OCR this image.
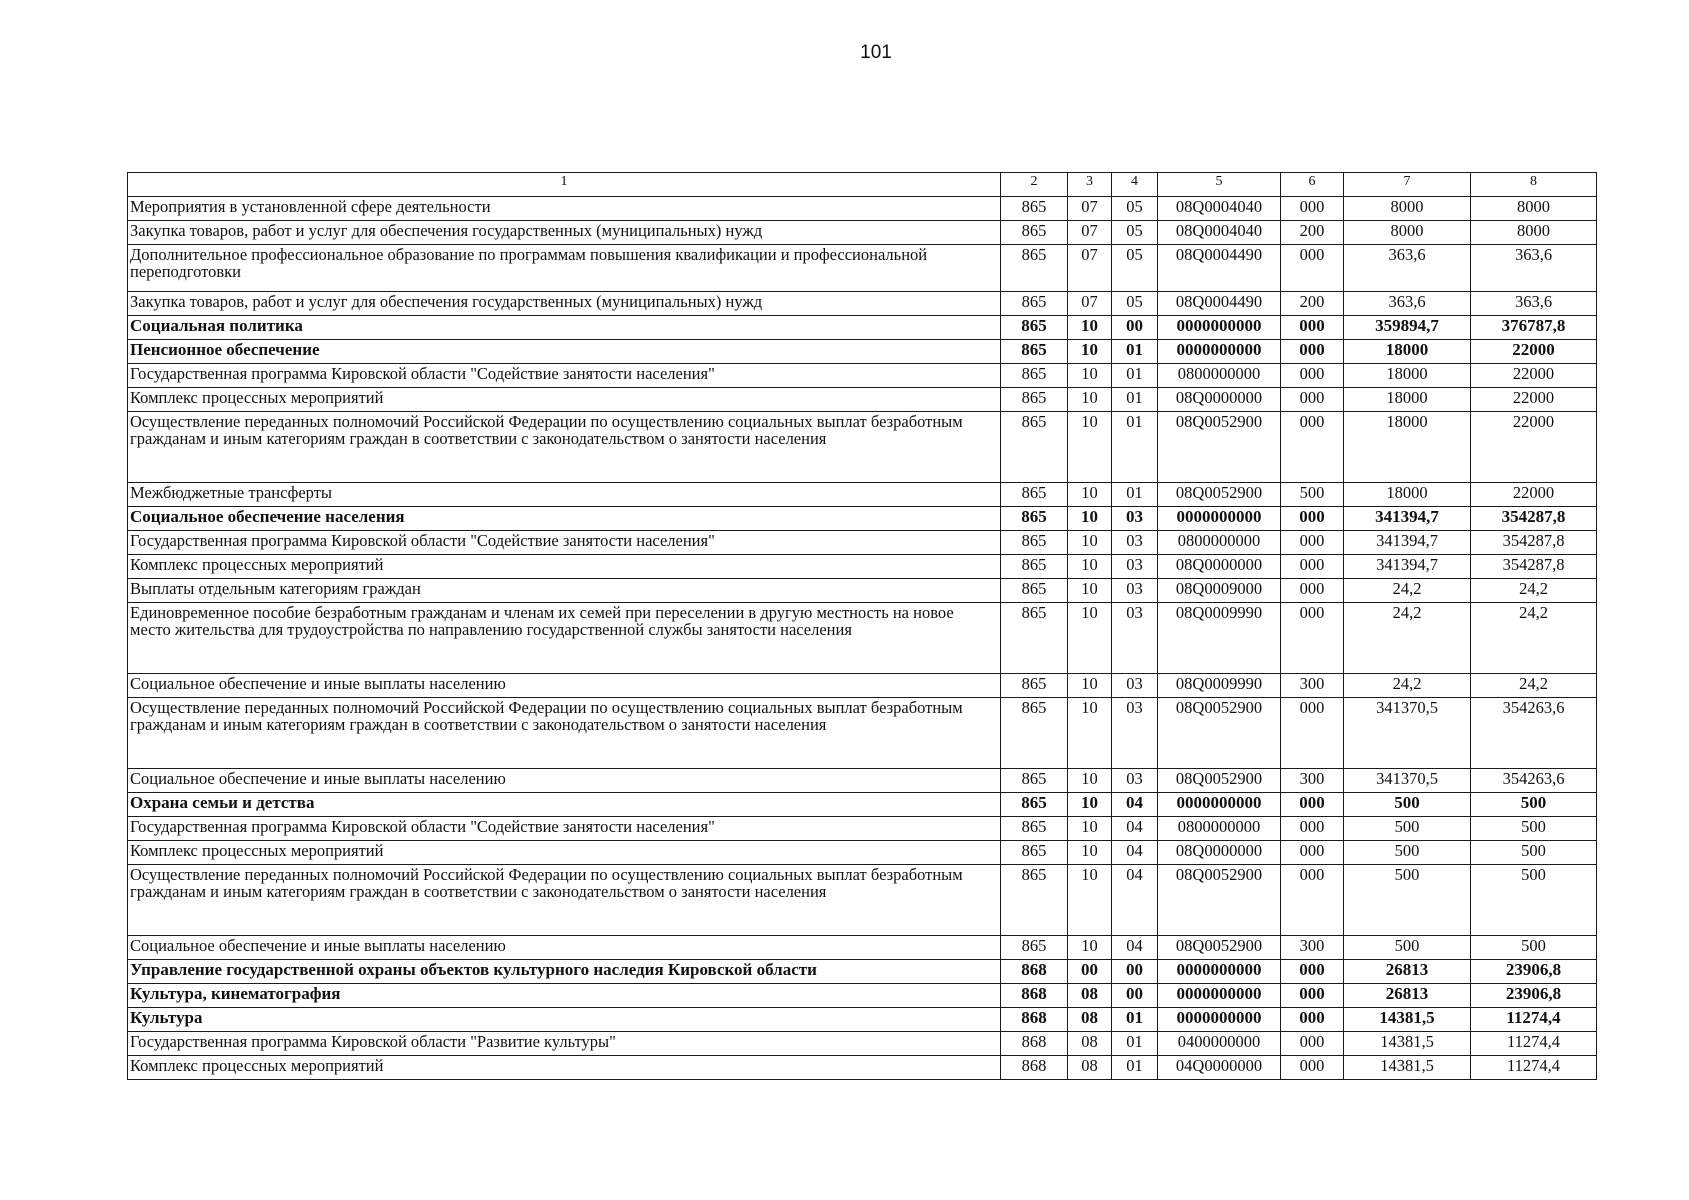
101
1	2	3	4	5	6	7	8
Мероприятия в установленной сфере деятельности	865	07	05	08Q0004040	000	8000	8000
Закупка товаров, работ и услуг для обеспечения государственных (муниципальных) нужд	865	07	05	08Q0004040	200	8000	8000
Дополнительное профессиональное образование по программам повышения квалификации и профессиональной переподготовки	865	07	05	08Q0004490	000	363,6	363,6
Закупка товаров, работ и услуг для обеспечения государственных (муниципальных) нужд	865	07	05	08Q0004490	200	363,6	363,6
Социальная политика	865	10	00	0000000000	000	359894,7	376787,8
Пенсионное обеспечение	865	10	01	0000000000	000	18000	22000
Государственная программа Кировской области "Содействие занятости населения"	865	10	01	0800000000	000	18000	22000
Комплекс процессных мероприятий	865	10	01	08Q0000000	000	18000	22000
Осуществление переданных полномочий Российской Федерации по осуществлению социальных выплат безработным гражданам и иным категориям граждан в соответствии с законодательством о занятости населения	865	10	01	08Q0052900	000	18000	22000
Межбюджетные трансферты	865	10	01	08Q0052900	500	18000	22000
Социальное обеспечение населения	865	10	03	0000000000	000	341394,7	354287,8
Государственная программа Кировской области "Содействие занятости населения"	865	10	03	0800000000	000	341394,7	354287,8
Комплекс процессных мероприятий	865	10	03	08Q0000000	000	341394,7	354287,8
Выплаты отдельным категориям граждан	865	10	03	08Q0009000	000	24,2	24,2
Единовременное пособие безработным гражданам и членам их семей при переселении в другую местность на новое место жительства для трудоустройства по направлению государственной службы занятости населения	865	10	03	08Q0009990	000	24,2	24,2
Социальное обеспечение и иные выплаты населению	865	10	03	08Q0009990	300	24,2	24,2
Осуществление переданных полномочий Российской Федерации по осуществлению социальных выплат безработным гражданам и иным категориям граждан в соответствии с законодательством о занятости населения	865	10	03	08Q0052900	000	341370,5	354263,6
Социальное обеспечение и иные выплаты населению	865	10	03	08Q0052900	300	341370,5	354263,6
Охрана семьи и детства	865	10	04	0000000000	000	500	500
Государственная программа Кировской области "Содействие занятости населения"	865	10	04	0800000000	000	500	500
Комплекс процессных мероприятий	865	10	04	08Q0000000	000	500	500
Осуществление переданных полномочий Российской Федерации по осуществлению социальных выплат безработным гражданам и иным категориям граждан в соответствии с законодательством о занятости населения	865	10	04	08Q0052900	000	500	500
Социальное обеспечение и иные выплаты населению	865	10	04	08Q0052900	300	500	500
Управление государственной охраны объектов культурного наследия Кировской области	868	00	00	0000000000	000	26813	23906,8
Культура, кинематография	868	08	00	0000000000	000	26813	23906,8
Культура	868	08	01	0000000000	000	14381,5	11274,4
Государственная программа Кировской области "Развитие культуры"	868	08	01	0400000000	000	14381,5	11274,4
Комплекс процессных мероприятий	868	08	01	04Q0000000	000	14381,5	11274,4
